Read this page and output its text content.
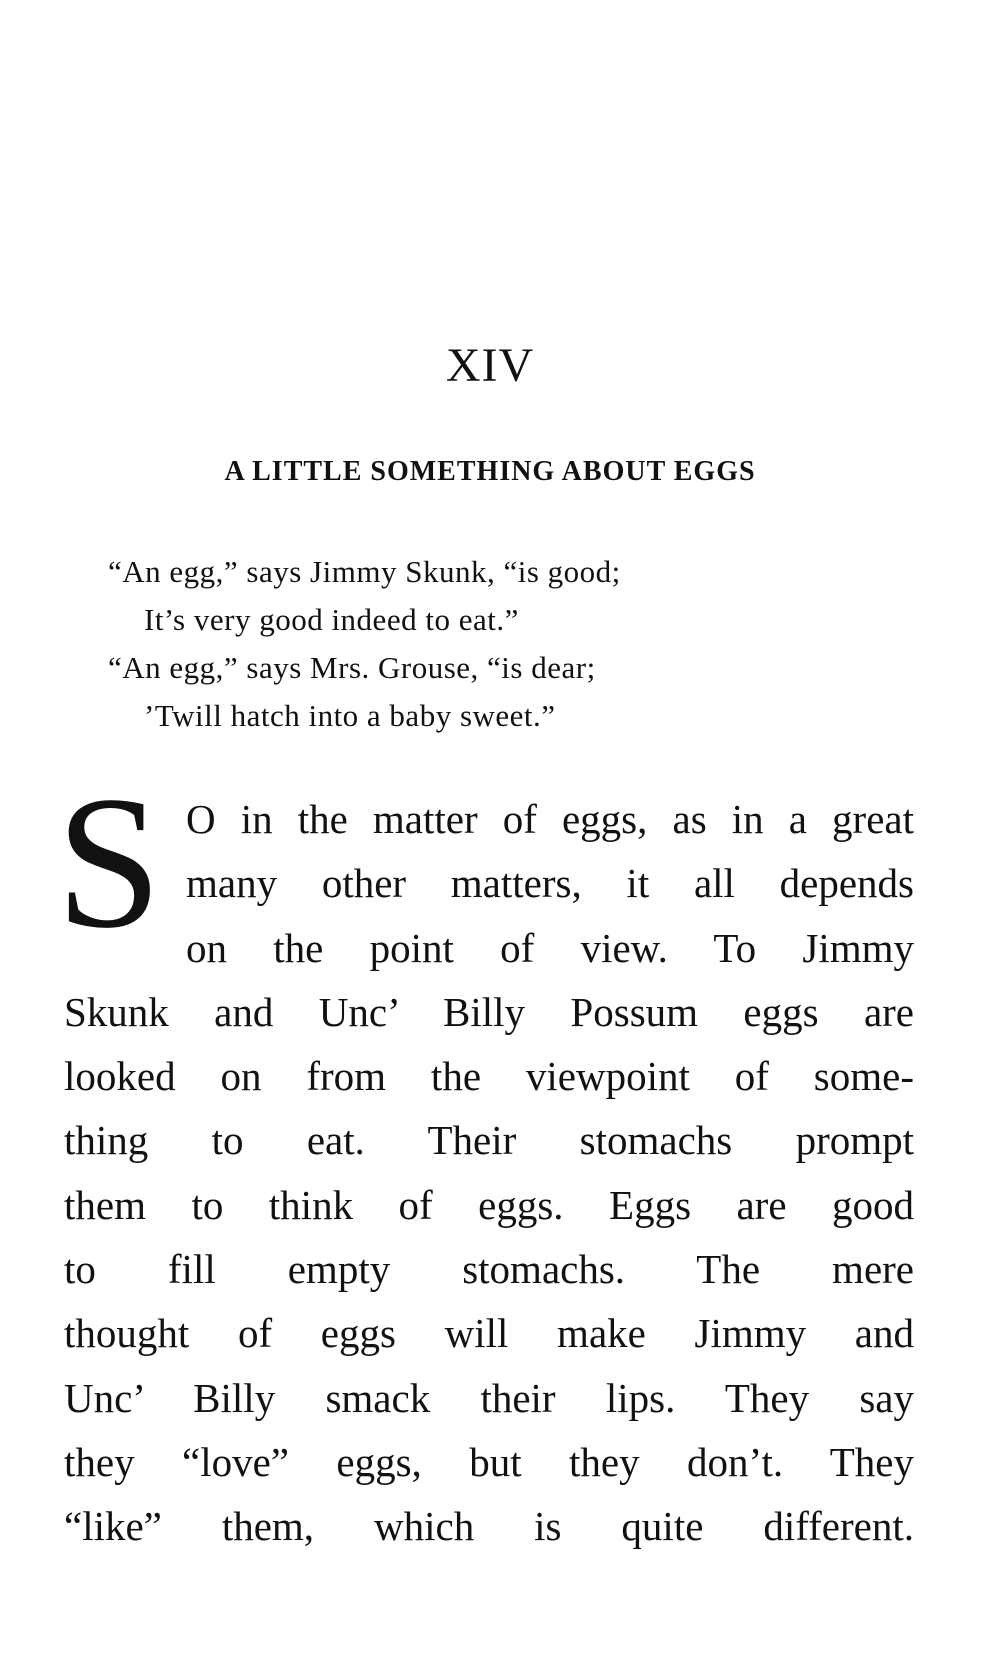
XIV
A LITTLE SOMETHING ABOUT EGGS
“An egg,” says Jimmy Skunk, “is good;
It’s very good indeed to eat.”
“An egg,” says Mrs. Grouse, “is dear;
’Twill hatch into a baby sweet.”
S O in the matter of eggs, as in a great
many other matters, it all depends
on the point of view. To Jimmy
Skunk and Unc’ Billy Possum eggs are
looked on from the viewpoint of some-
thing to eat. Their stomachs prompt
them to think of eggs. Eggs are good
to fill empty stomachs. The mere
thought of eggs will make Jimmy and
Unc’ Billy smack their lips. They say
they “love” eggs, but they don’t. They
“like” them, which is quite different.
